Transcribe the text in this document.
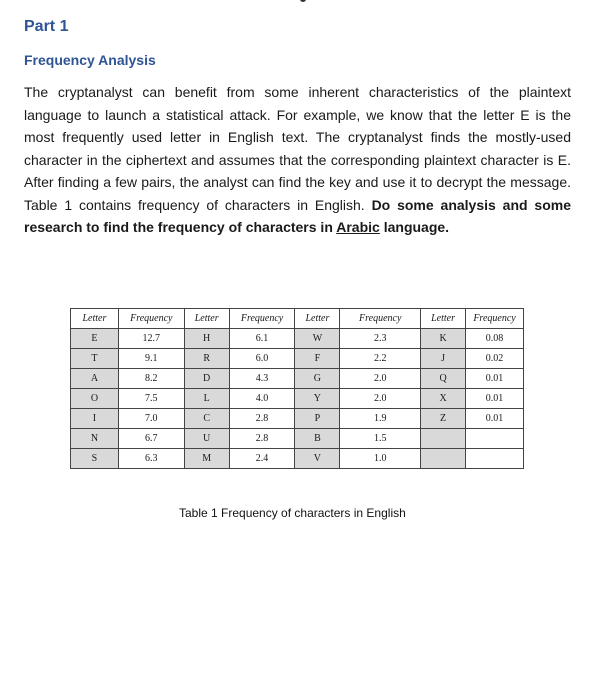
Part 1
Frequency Analysis

The cryptanalyst can benefit from some inherent characteristics of the plaintext language to launch a statistical attack. For example, we know that the letter E is the most frequently used letter in English text. The cryptanalyst finds the mostly-used character in the ciphertext and assumes that the corresponding plaintext character is E. After finding a few pairs, the analyst can find the key and use it to decrypt the message. Table 1 contains frequency of characters in English. Do some analysis and some research to find the frequency of characters in Arabic language.

Letter	Frequency	Letter	Frequency	Letter	Frequency	Letter	Frequency
E	12.7	H	6.1	W	2.3	K	0.08
T	9.1	R	6.0	F	2.2	J	0.02
A	8.2	D	4.3	G	2.0	Q	0.01
O	7.5	L	4.0	Y	2.0	X	0.01
I	7.0	C	2.8	P	1.9	Z	0.01
N	6.7	U	2.8	B	1.5		
S	6.3	M	2.4	V	1.0		
Table 1 Frequency of characters in English
